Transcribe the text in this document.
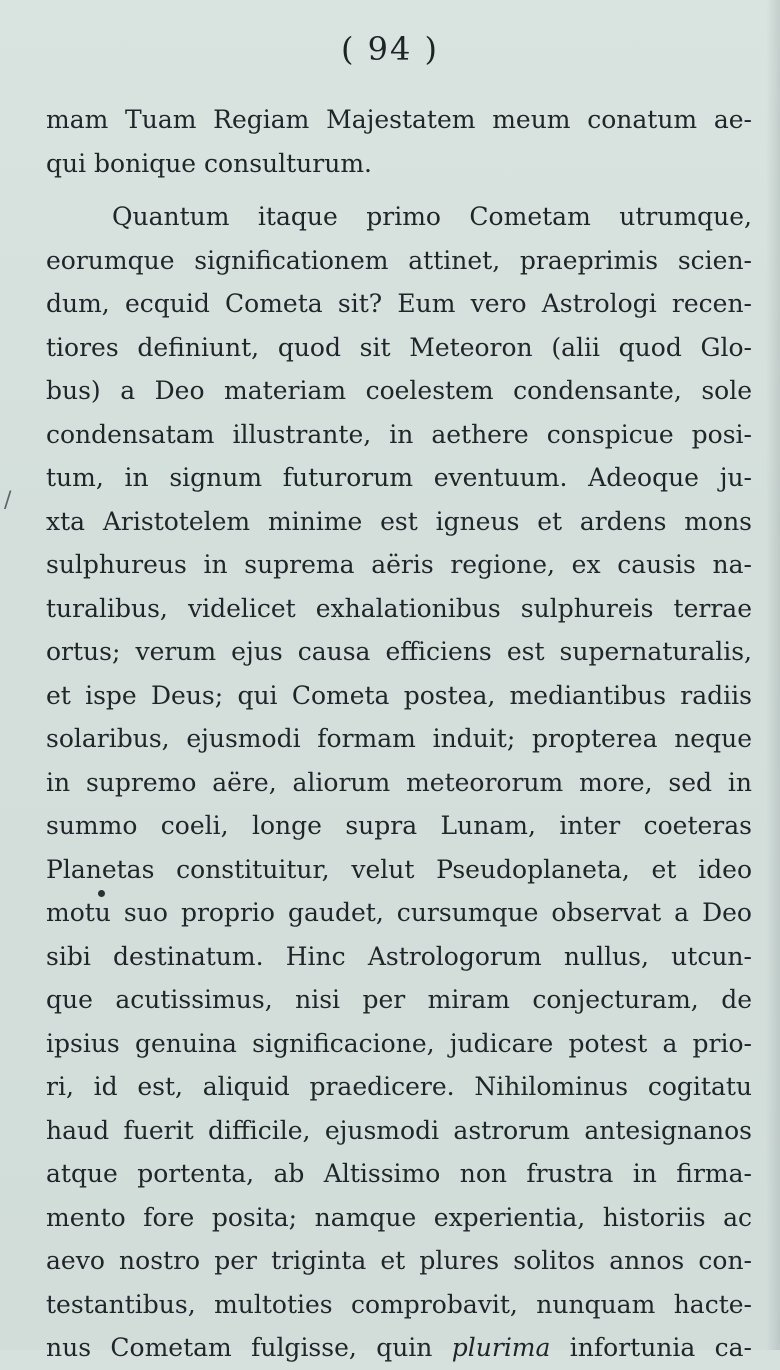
( 94 )
/
mam Tuam Regiam Majestatem meum conatum ae-
qui bonique consulturum.
Quantum itaque primo Cometam utrumque,
eorumque significationem attinet, praeprimis scien-
dum, ecquid Cometa sit? Eum vero Astrologi recen-
tiores definiunt, quod sit Meteoron (alii quod Glo-
bus) a Deo materiam coelestem condensante, sole
condensatam illustrante, in aethere conspicue posi-
tum, in signum futurorum eventuum. Adeoque ju-
xta Aristotelem minime est igneus et ardens mons
sulphureus in suprema aëris regione, ex causis na-
turalibus, videlicet exhalationibus sulphureis terrae
ortus; verum ejus causa efficiens est supernaturalis,
et ispe Deus; qui Cometa postea, mediantibus radiis
solaribus, ejusmodi formam induit; propterea neque
in supremo aëre, aliorum meteororum more, sed in
summo coeli, longe supra Lunam, inter coeteras
Planetas constituitur, velut Pseudoplaneta, et ideo
motu suo proprio gaudet, cursumque observat a Deo
sibi destinatum. Hinc Astrologorum nullus, utcun-
que acutissimus, nisi per miram conjecturam, de
ipsius genuina significacione, judicare potest a prio-
ri, id est, aliquid praedicere. Nihilominus cogitatu
haud fuerit difficile, ejusmodi astrorum antesignanos
atque portenta, ab Altissimo non frustra in firma-
mento fore posita; namque experientia, historiis ac
aevo nostro per triginta et plures solitos annos con-
testantibus, multoties comprobavit, nunquam hacte-
nus Cometam fulgisse, quin plurima infortunia ca-
